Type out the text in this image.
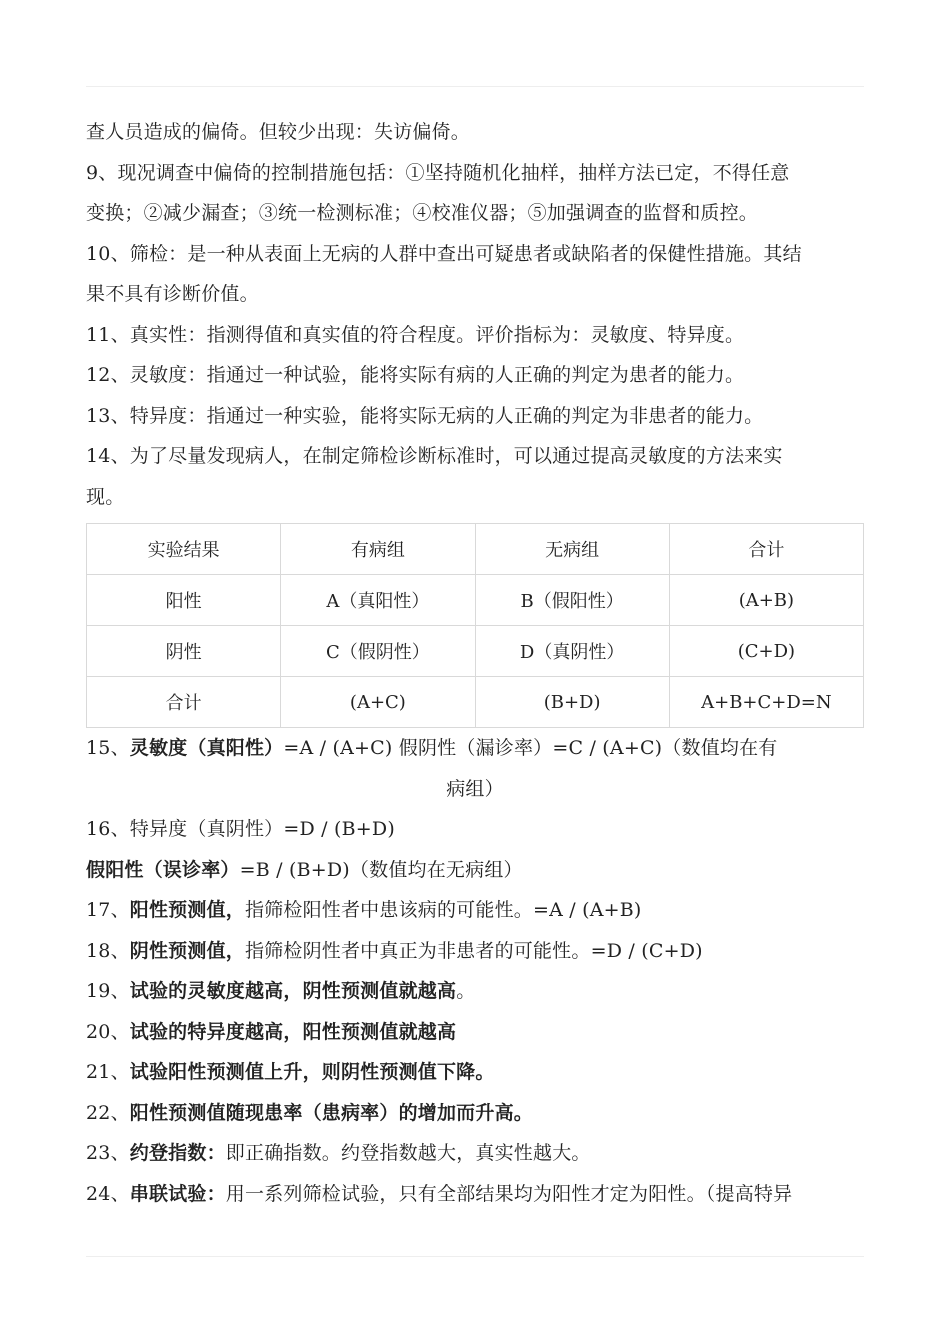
查人员造成的偏倚。但较少出现：失访偏倚。

9、现况调查中偏倚的控制措施包括：①坚持随机化抽样，抽样方法已定，不得任意

变换；②减少漏查；③统一检测标准；④校准仪器；⑤加强调查的监督和质控。

10、筛检：是一种从表面上无病的人群中查出可疑患者或缺陷者的保健性措施。其结

果不具有诊断价值。

11、真实性：指测得值和真实值的符合程度。评价指标为：灵敏度、特异度。

12、灵敏度：指通过一种试验，能将实际有病的人正确的判定为患者的能力。

13、特异度：指通过一种实验，能将实际无病的人正确的判定为非患者的能力。

14、为了尽量发现病人，在制定筛检诊断标准时，可以通过提高灵敏度的方法来实

现。

实验结果	有病组	无病组	合计
阳性	A（真阳性）	B（假阳性）	(A+B)
阴性	C（假阴性）	D（真阴性）	(C+D)
合计	(A+C)	(B+D)	A+B+C+D=N

15、灵敏度（真阳性）=A / (A+C) 假阴性（漏诊率）=C / (A+C)（数值均在有

病组）

16、特异度（真阴性）=D / (B+D)

假阳性（误诊率）=B / (B+D)（数值均在无病组）

17、阳性预测值，指筛检阳性者中患该病的可能性。=A / (A+B)

18、阴性预测值，指筛检阴性者中真正为非患者的可能性。=D / (C+D)

19、试验的灵敏度越高，阴性预测值就越高。

20、试验的特异度越高，阳性预测值就越高

21、试验阳性预测值上升，则阴性预测值下降。

22、阳性预测值随现患率（患病率）的增加而升高。

23、约登指数：即正确指数。约登指数越大，真实性越大。

24、串联试验：用一系列筛检试验，只有全部结果均为阳性才定为阳性。（提高特异
